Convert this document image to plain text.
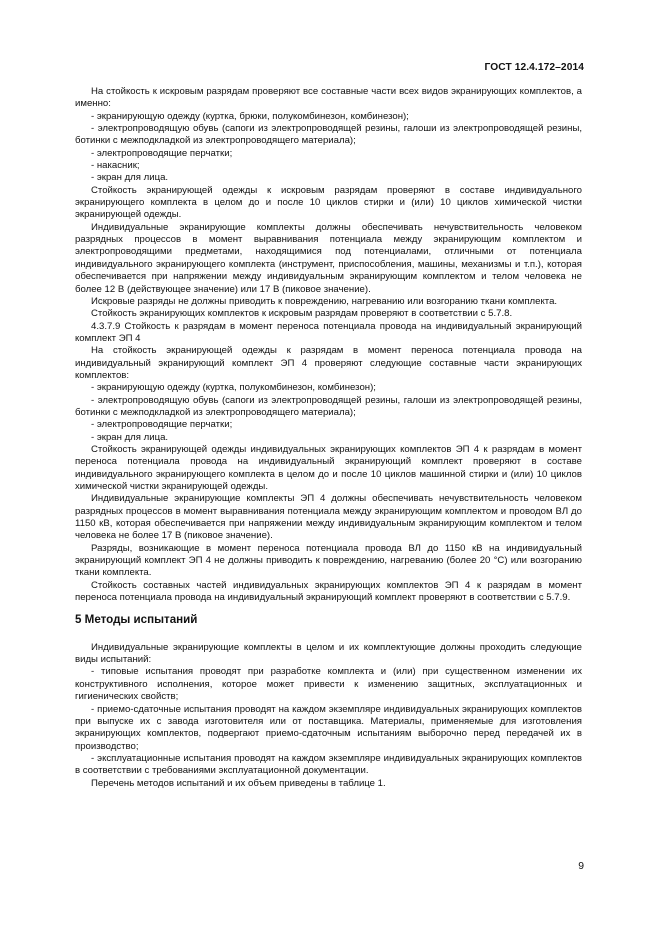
ГОСТ 12.4.172–2014

На стойкость к искровым разрядам проверяют все составные части всех видов экранирующих комплектов, а именно:

- экранирующую одежду (куртка, брюки, полукомбинезон, комбинезон);

- электропроводящую обувь (сапоги из электропроводящей резины, галоши из электропроводящей резины, ботинки с межподкладкой из электропроводящего материала);

- электропроводящие перчатки;

- накасник;

- экран для лица.

Стойкость экранирующей одежды к искровым разрядам проверяют в составе индивидуального экранирующего комплекта в целом до и после 10 циклов стирки и (или) 10 циклов химической чистки экранирующей одежды.

Индивидуальные экранирующие комплекты должны обеспечивать нечувствительность человеком разрядных процессов в момент выравнивания потенциала между экранирующим комплектом и электропроводящими предметами, находящимися под потенциалами, отличными от потенциала индивидуального экранирующего комплекта (инструмент, приспособления, машины, механизмы и т.п.), которая обеспечивается при напряжении между индивидуальным экранирующим комплектом и телом человека не более 12 В (действующее значение) или 17 В (пиковое значение).

Искровые разряды не должны приводить к повреждению, нагреванию или возгоранию ткани комплекта.

Стойкость экранирующих комплектов к искровым разрядам проверяют в соответствии с 5.7.8.

4.3.7.9 Стойкость к разрядам в момент переноса потенциала провода на индивидуальный экранирующий комплект ЭП 4

На стойкость экранирующей одежды к разрядам в момент переноса потенциала провода на индивидуальный экранирующий комплект ЭП 4 проверяют следующие составные части экранирующих комплектов:

- экранирующую одежду (куртка, полукомбинезон, комбинезон);

- электропроводящую обувь (сапоги из электропроводящей резины, галоши из электропроводящей резины, ботинки с межподкладкой из электропроводящего материала);

- электропроводящие перчатки;

- экран для лица.

Стойкость экранирующей одежды индивидуальных экранирующих комплектов ЭП 4 к разрядам в момент переноса потенциала провода на индивидуальный экранирующий комплект проверяют в составе индивидуального экранирующего комплекта в целом до и после 10 циклов машинной стирки и (или) 10 циклов химической чистки экранирующей одежды.

Индивидуальные экранирующие комплекты ЭП 4 должны обеспечивать нечувствительность человеком разрядных процессов в момент выравнивания потенциала между экранирующим комплектом и проводом ВЛ до 1150 кВ, которая обеспечивается при напряжении между индивидуальным экранирующим комплектом и телом человека не более 17 В (пиковое значение).

Разряды, возникающие в момент переноса потенциала провода ВЛ до 1150 кВ на индивидуальный экранирующий комплект ЭП 4 не должны приводить к повреждению, нагреванию (более 20 °С) или возгоранию ткани комплекта.

Стойкость составных частей индивидуальных экранирующих комплектов ЭП 4 к разрядам в момент переноса потенциала провода на индивидуальный экранирующий комплект проверяют в соответствии с 5.7.9.

5 Методы испытаний

Индивидуальные экранирующие комплекты в целом и их комплектующие должны проходить следующие виды испытаний:

- типовые испытания проводят при разработке комплекта и (или) при существенном изменении их конструктивного исполнения, которое может привести к изменению защитных, эксплуатационных и гигиенических свойств;

- приемо-сдаточные испытания проводят на каждом экземпляре индивидуальных экранирующих комплектов при выпуске их с завода изготовителя или от поставщика. Материалы, применяемые для изготовления экранирующих комплектов, подвергают приемо-сдаточным испытаниям выборочно перед передачей их в производство;

- эксплуатационные испытания проводят на каждом экземпляре индивидуальных экранирующих комплектов в соответствии с требованиями эксплуатационной документации.

Перечень методов испытаний и их объем приведены в таблице 1.

9
